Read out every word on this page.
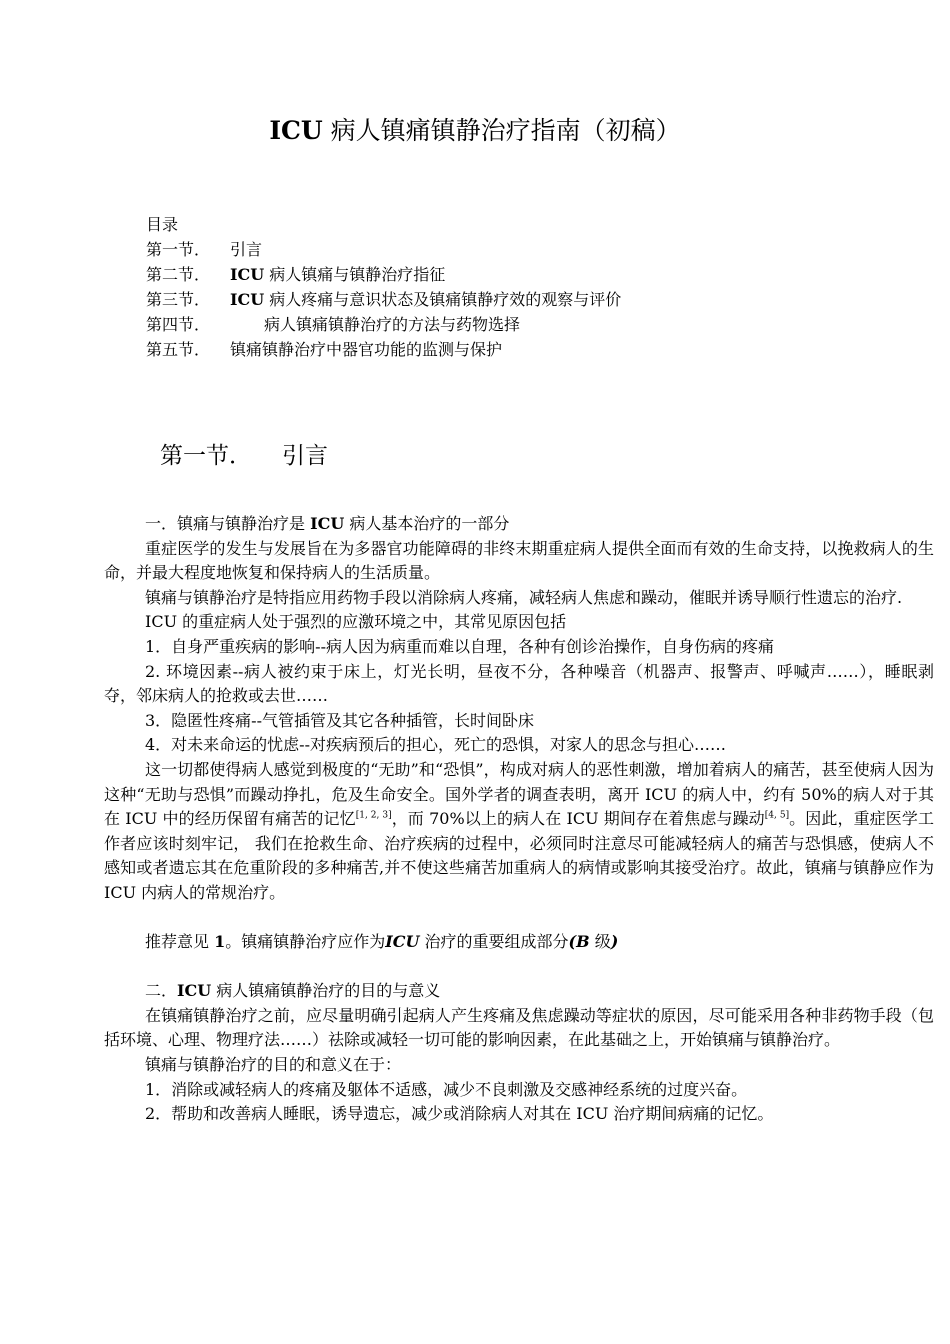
ICU 病人镇痛镇静治疗指南（初稿）
目录
第一节． 引言
第二节． ICU 病人镇痛与镇静治疗指征
第三节． ICU 病人疼痛与意识状态及镇痛镇静疗效的观察与评价
第四节．	病人镇痛镇静治疗的方法与药物选择
第五节． 镇痛镇静治疗中器官功能的监测与保护
第一节． 引言

一．镇痛与镇静治疗是 ICU 病人基本治疗的一部分

重症医学的发生与发展旨在为多器官功能障碍的非终末期重症病人提供全面而有效的生命支持，以挽救病人的生命，并最大程度地恢复和保持病人的生活质量。

镇痛与镇静治疗是特指应用药物手段以消除病人疼痛，减轻病人焦虑和躁动，催眠并诱导顺行性遗忘的治疗.

ICU 的重症病人处于强烈的应激环境之中，其常见原因包括

1．自身严重疾病的影响--病人因为病重而难以自理，各种有创诊治操作，自身伤病的疼痛

2. 环境因素--病人被约束于床上，灯光长明，昼夜不分，各种噪音（机器声、报警声、呼喊声……），睡眠剥夺，邻床病人的抢救或去世……

3．隐匿性疼痛--气管插管及其它各种插管，长时间卧床

4．对未来命运的忧虑--对疾病预后的担心，死亡的恐惧，对家人的思念与担心……

这一切都使得病人感觉到极度的“无助”和“恐惧”，构成对病人的恶性刺激，增加着病人的痛苦，甚至使病人因为这种“无助与恐惧”而躁动挣扎，危及生命安全。国外学者的调查表明，离开 ICU 的病人中，约有 50%的病人对于其在 ICU 中的经历保留有痛苦的记忆[1, 2, 3]，而 70%以上的病人在 ICU 期间存在着焦虑与躁动[4, 5]。因此，重症医学工作者应该时刻牢记， 我们在抢救生命、治疗疾病的过程中，必须同时注意尽可能减轻病人的痛苦与恐惧感，使病人不感知或者遗忘其在危重阶段的多种痛苦,并不使这些痛苦加重病人的病情或影响其接受治疗。故此，镇痛与镇静应作为 ICU 内病人的常规治疗。

推荐意见 1。镇痛镇静治疗应作为ICU 治疗的重要组成部分(B 级)

二．ICU 病人镇痛镇静治疗的目的与意义

在镇痛镇静治疗之前，应尽量明确引起病人产生疼痛及焦虑躁动等症状的原因，尽可能采用各种非药物手段（包括环境、心理、物理疗法……）祛除或减轻一切可能的影响因素，在此基础之上，开始镇痛与镇静治疗。

镇痛与镇静治疗的目的和意义在于：

1．消除或减轻病人的疼痛及躯体不适感，减少不良刺激及交感神经系统的过度兴奋。

2．帮助和改善病人睡眠，诱导遗忘，减少或消除病人对其在 ICU 治疗期间病痛的记忆。
